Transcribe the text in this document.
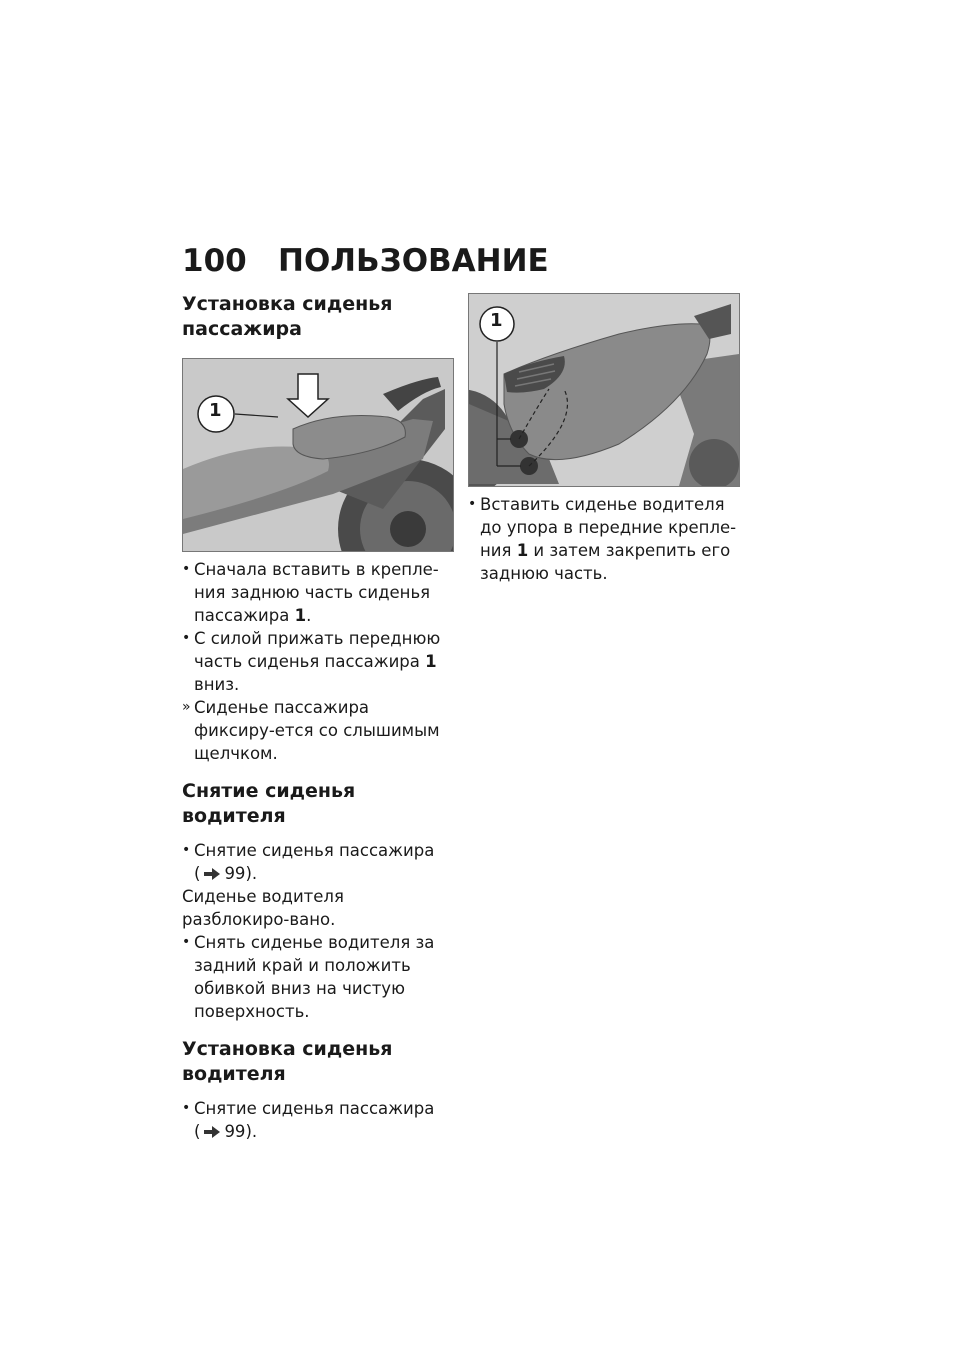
100	ПОЛЬЗОВАНИЕ
Установка сиденья пассажира
1
• Сначала вставить в крепле-ния заднюю часть сиденья пассажира 1.
• С силой прижать переднюю часть сиденья пассажира 1 вниз.
» Сиденье пассажира фиксиру-ется со слышимым щелчком.
Снятие сиденья водителя
• Снятие сиденья пассажира
( 99).

Сиденье водителя разблокиро-вано.

• Снять сиденье водителя за задний край и положить обивкой вниз на чистую поверхность.
Установка сиденья водителя
• Снятие сиденья пассажира
( 99).
1
• Вставить сиденье водителя до упора в передние крепле-ния 1 и затем закрепить его заднюю часть.
